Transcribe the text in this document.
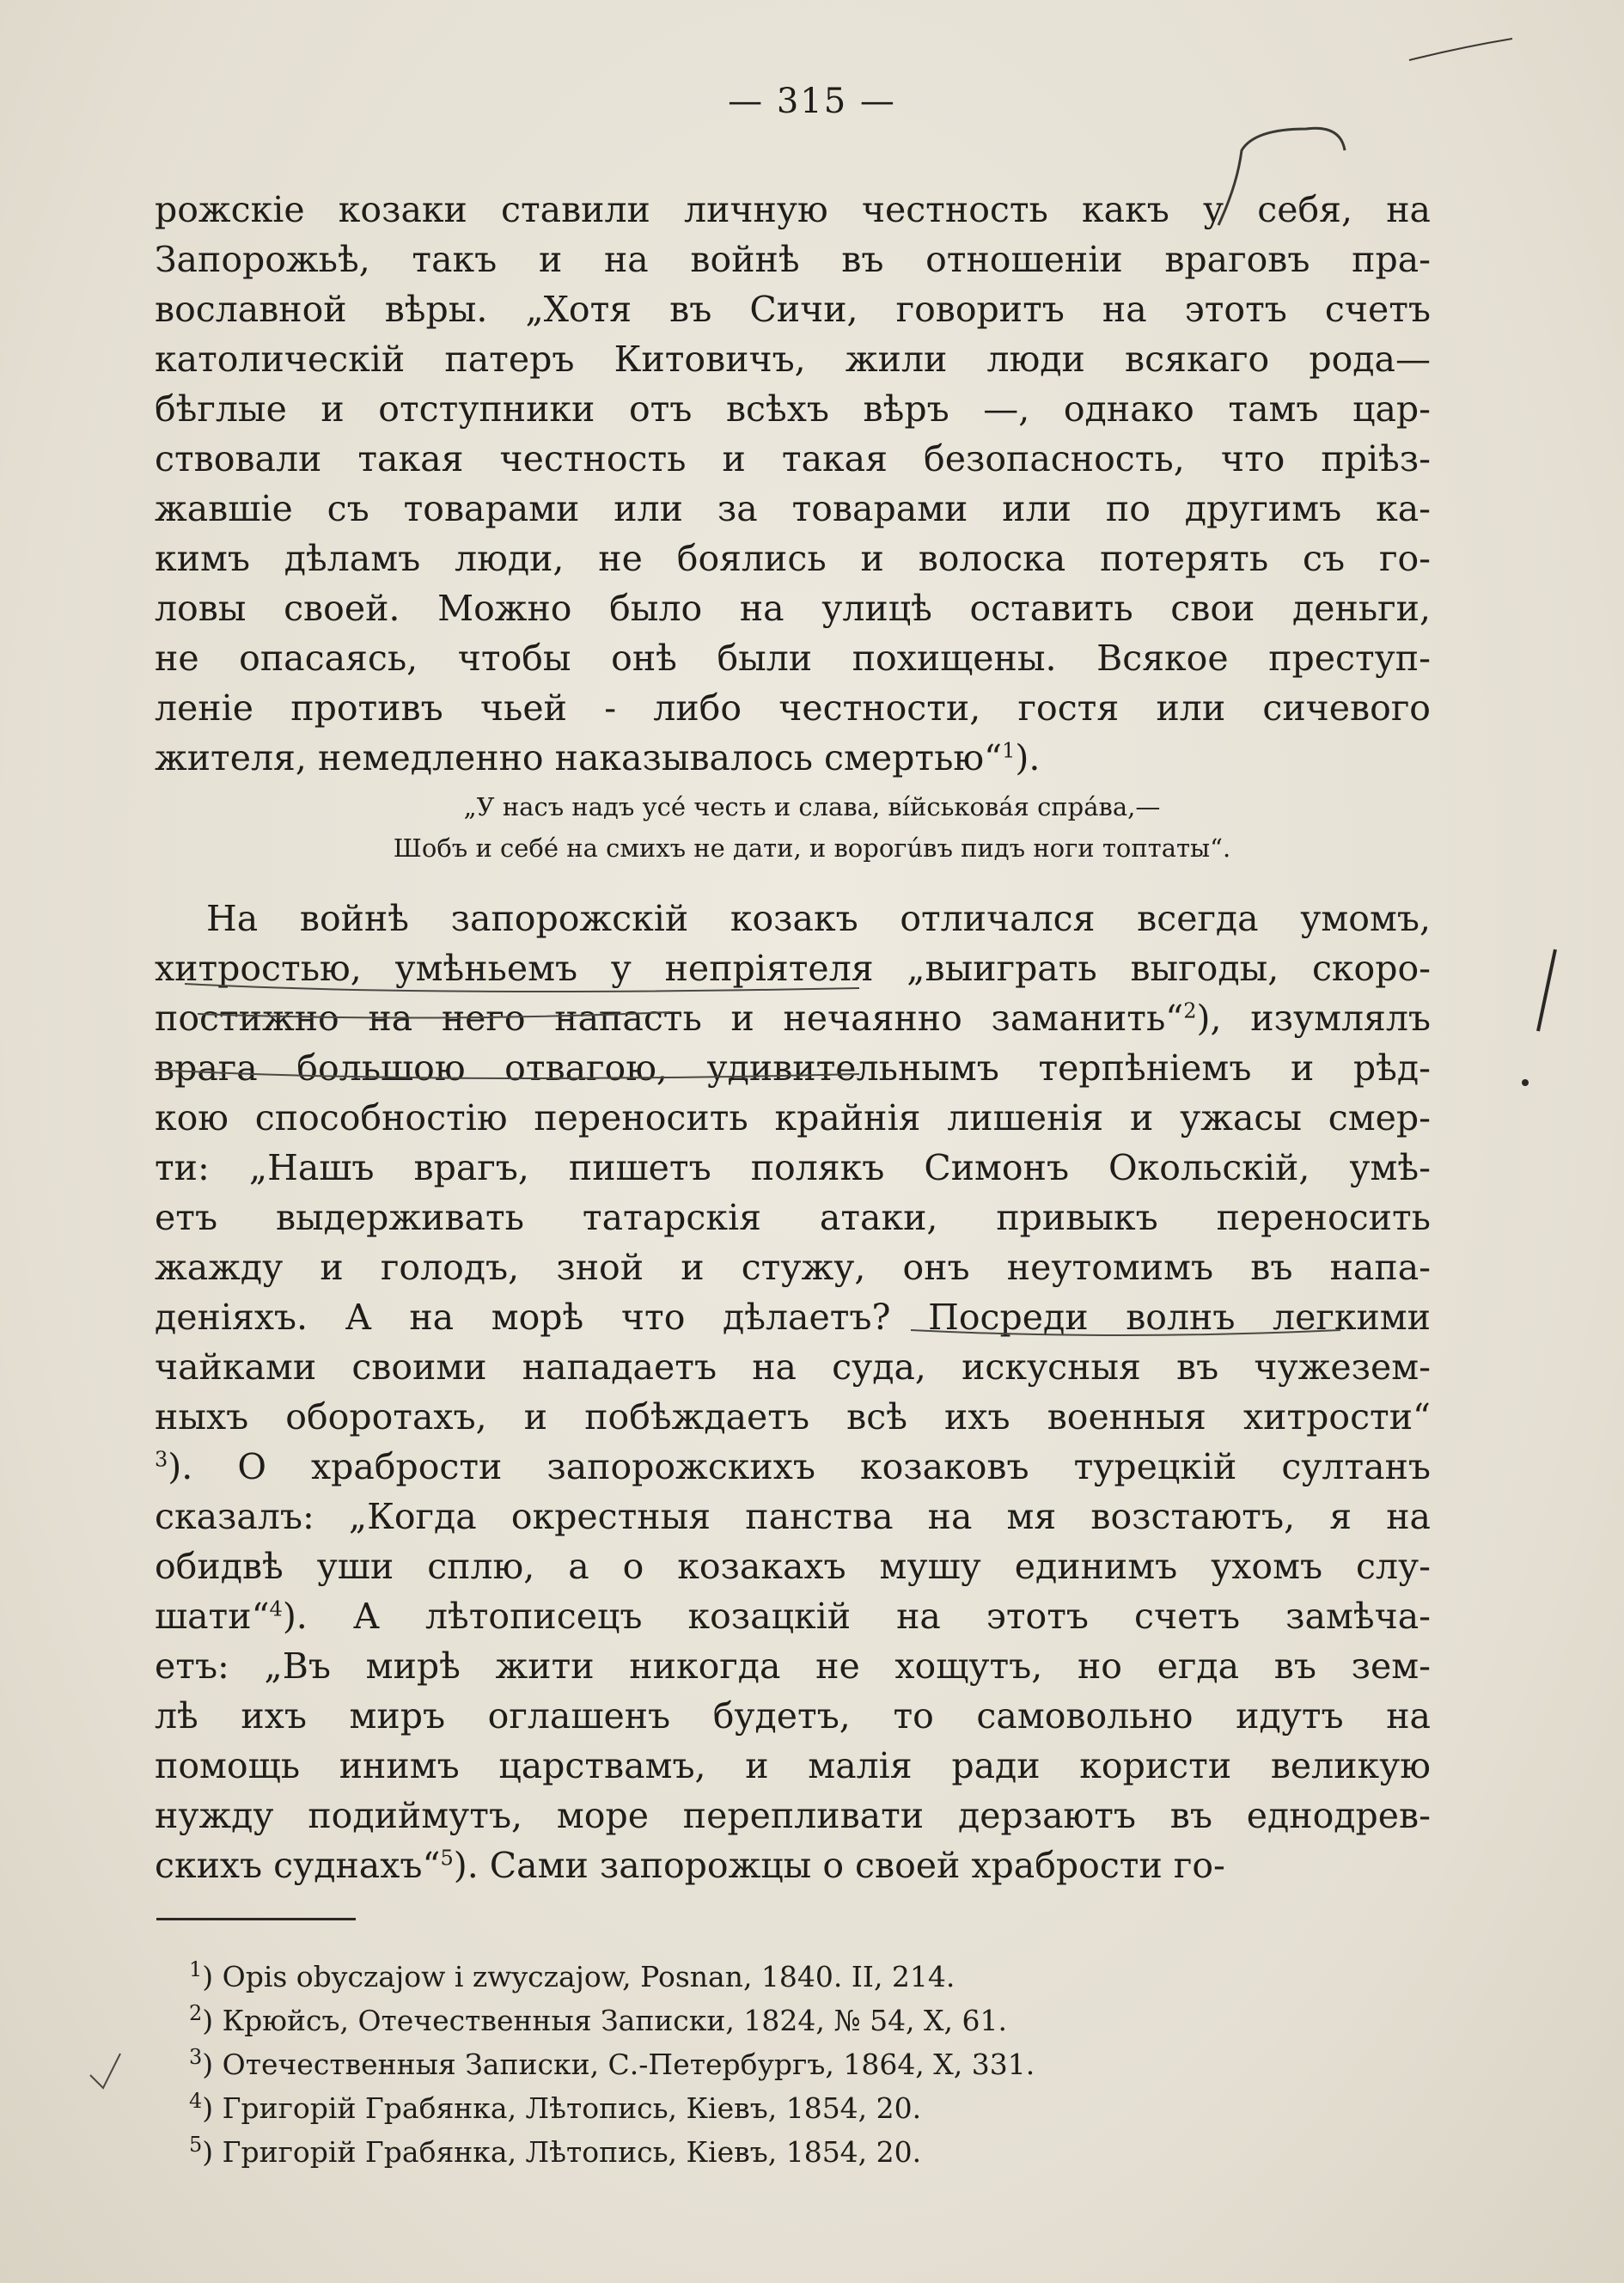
— 315 —
рожскіе козаки ставили личную честность какъ у себя, на
Запорожьѣ, такъ и на войнѣ въ отношеніи враговъ пра-
вославной вѣры. „Хотя въ Сичи, говоритъ на этотъ счетъ
католическій патеръ Китовичъ, жили люди всякаго рода—
бѣглые и отступники отъ всѣхъ вѣръ —, однако тамъ цар-
ствовали такая честность и такая безопасность, что пріѣз-
жавшіе съ товарами или за товарами или по другимъ ка-
кимъ дѣламъ люди, не боялись и волоска потерять съ го-
ловы своей. Можно было на улицѣ оставить свои деньги,
не опасаясь, чтобы онѣ были похищены. Всякое преступ-
леніе противъ чьей - либо честности, гостя или сичевого
жителя, немедленно наказывалось смертью“$^1$).
„У насъ надъ усé честь и слава, вíйськовáя спрáва,—
Шобъ и себé на смихъ не дати, и ворогúвъ пидъ ноги топтаты“.
На войнѣ запорожскій козакъ отличался всегда умомъ,
хитростью, умѣньемъ у непріятеля „выиграть выгоды, скоро-
постижно на него напасть и нечаянно заманить“$^2$), изумлялъ
врага большою отвагою, удивительнымъ терпѣніемъ и рѣд-
кою способностію переносить крайнія лишенія и ужасы смер-
ти: „Нашъ врагъ, пишетъ полякъ Симонъ Окольскій, умѣ-
етъ выдерживать татарскія атаки, привыкъ переносить
жажду и голодъ, зной и стужу, онъ неутомимъ въ напа-
деніяхъ. А на морѣ что дѣлаетъ? Посреди волнъ легкими
чайками своими нападаетъ на суда, искусныя въ чужезем-
ныхъ оборотахъ, и побѣждаетъ всѣ ихъ военныя хитрости“
$^3$). О храбрости запорожскихъ козаковъ турецкій султанъ
сказалъ: „Когда окрестныя панства на мя возстаютъ, я на
обидвѣ уши сплю, а о козакахъ мушу единимъ ухомъ слу-
шати“$^4$). А лѣтописецъ козацкій на этотъ счетъ замѣча-
етъ: „Въ мирѣ жити никогда не хощутъ, но егда въ зем-
лѣ ихъ миръ оглашенъ будетъ, то самовольно идутъ на
помощь инимъ царствамъ, и малія ради користи великую
нужду подиймутъ, море перепливати дерзаютъ въ еднодрев-
скихъ суднахъ“$^5$). Сами запорожцы о своей храбрости го-
$^1$) Opis obyczajow i zwyczajow, Posnan, 1840. II, 214.
$^2$) Крюйсъ, Отечественныя Записки, 1824, № 54, X, 61.
$^3$) Отечественныя Записки, С.-Петербургъ, 1864, X, 331.
$^4$) Григорій Грабянка, Лѣтопись, Кіевъ, 1854, 20.
$^5$) Григорій Грабянка, Лѣтопись, Кіевъ, 1854, 20.
